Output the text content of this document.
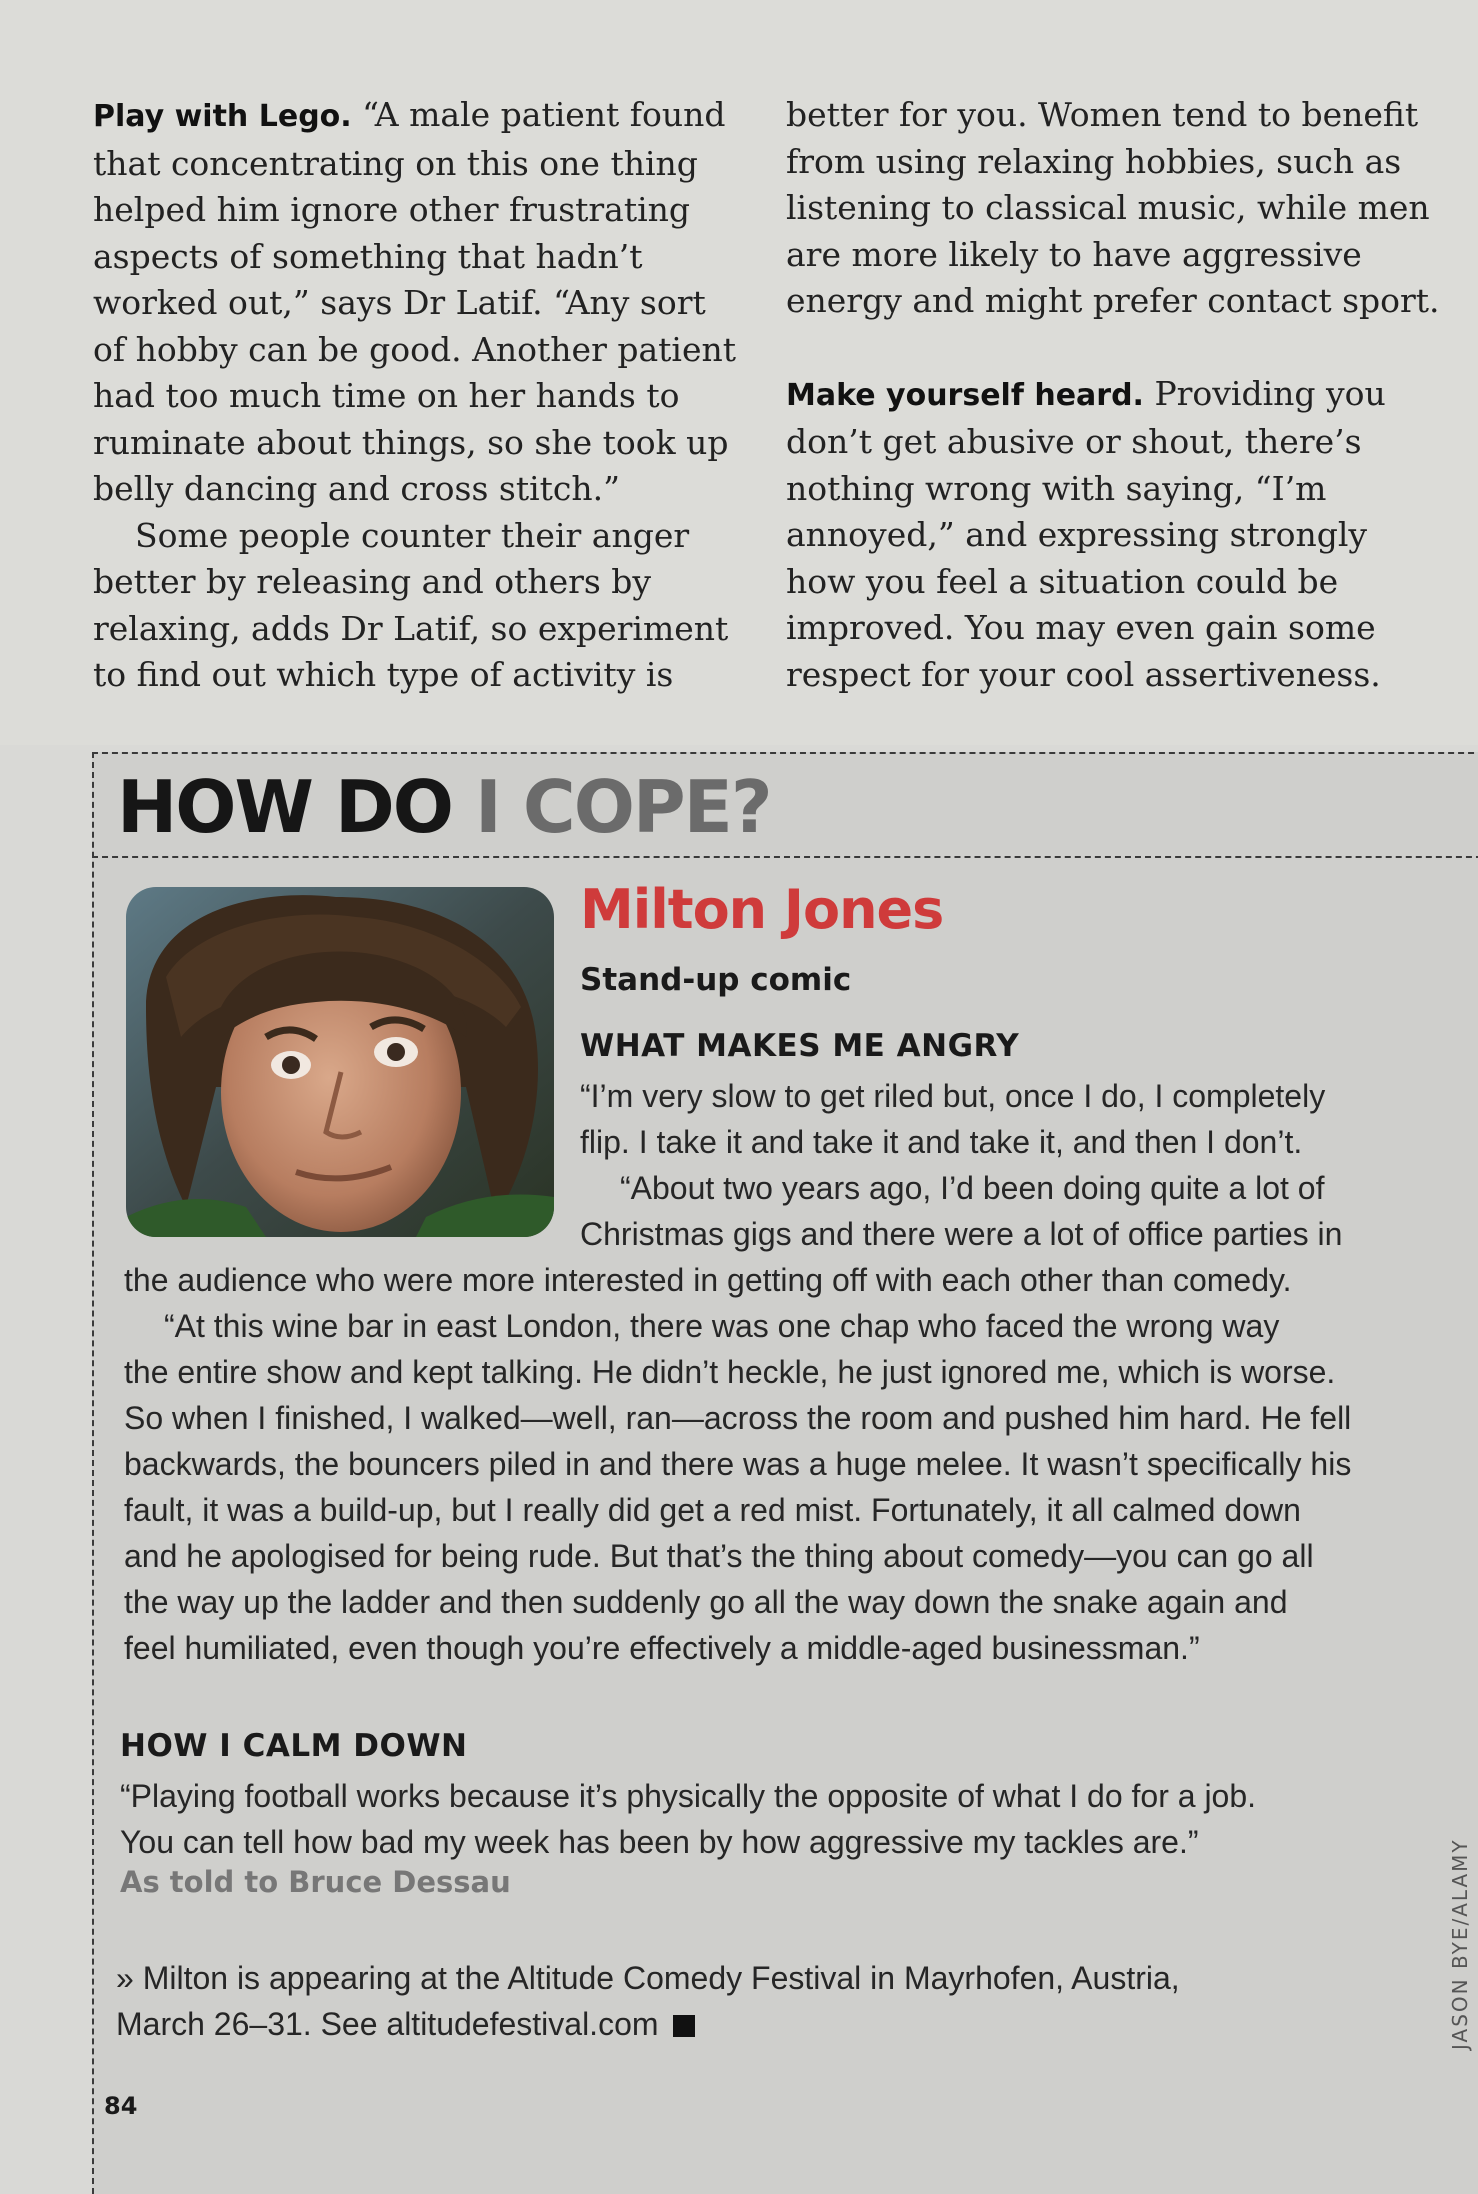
Play with Lego. “A male patient found that concentrating on this one thing helped him ignore other frustrating aspects of something that hadn’t worked out,” says Dr Latif. “Any sort of hobby can be good. Another patient had too much time on her hands to ruminate about things, so she took up belly dancing and cross stitch.”

Some people counter their anger better by releasing and others by relaxing, adds Dr Latif, so experiment to find out which type of activity is

better for you. Women tend to benefit from using relaxing hobbies, such as listening to classical music, while men are more likely to have aggressive energy and might prefer contact sport.

Make yourself heard. Providing you don’t get abusive or shout, there’s nothing wrong with saying, “I’m annoyed,” and expressing strongly how you feel a situation could be improved. You may even gain some respect for your cool assertiveness.

HOW DO I COPE?
Milton Jones
Stand-up comic
WHAT MAKES ME ANGRY
“I’m very slow to get riled but, once I do, I completely
flip. I take it and take it and take it, and then I don’t.
“About two years ago, I’d been doing quite a lot of
Christmas gigs and there were a lot of office parties in
the audience who were more interested in getting off with each other than comedy.
“At this wine bar in east London, there was one chap who faced the wrong way
the entire show and kept talking. He didn’t heckle, he just ignored me, which is worse.
So when I finished, I walked—well, ran—across the room and pushed him hard. He fell
backwards, the bouncers piled in and there was a huge melee. It wasn’t specifically his
fault, it was a build-up, but I really did get a red mist. Fortunately, it all calmed down
and he apologised for being rude. But that’s the thing about comedy—you can go all
the way up the ladder and then suddenly go all the way down the snake again and
feel humiliated, even though you’re effectively a middle-aged businessman.”
HOW I CALM DOWN
“Playing football works because it’s physically the opposite of what I do for a job.
You can tell how bad my week has been by how aggressive my tackles are.”
As told to Bruce Dessau
» Milton is appearing at the Altitude Comedy Festival in Mayrhofen, Austria,
March 26–31. See altitudefestival.com	JASON BYE/ALAMY
84
